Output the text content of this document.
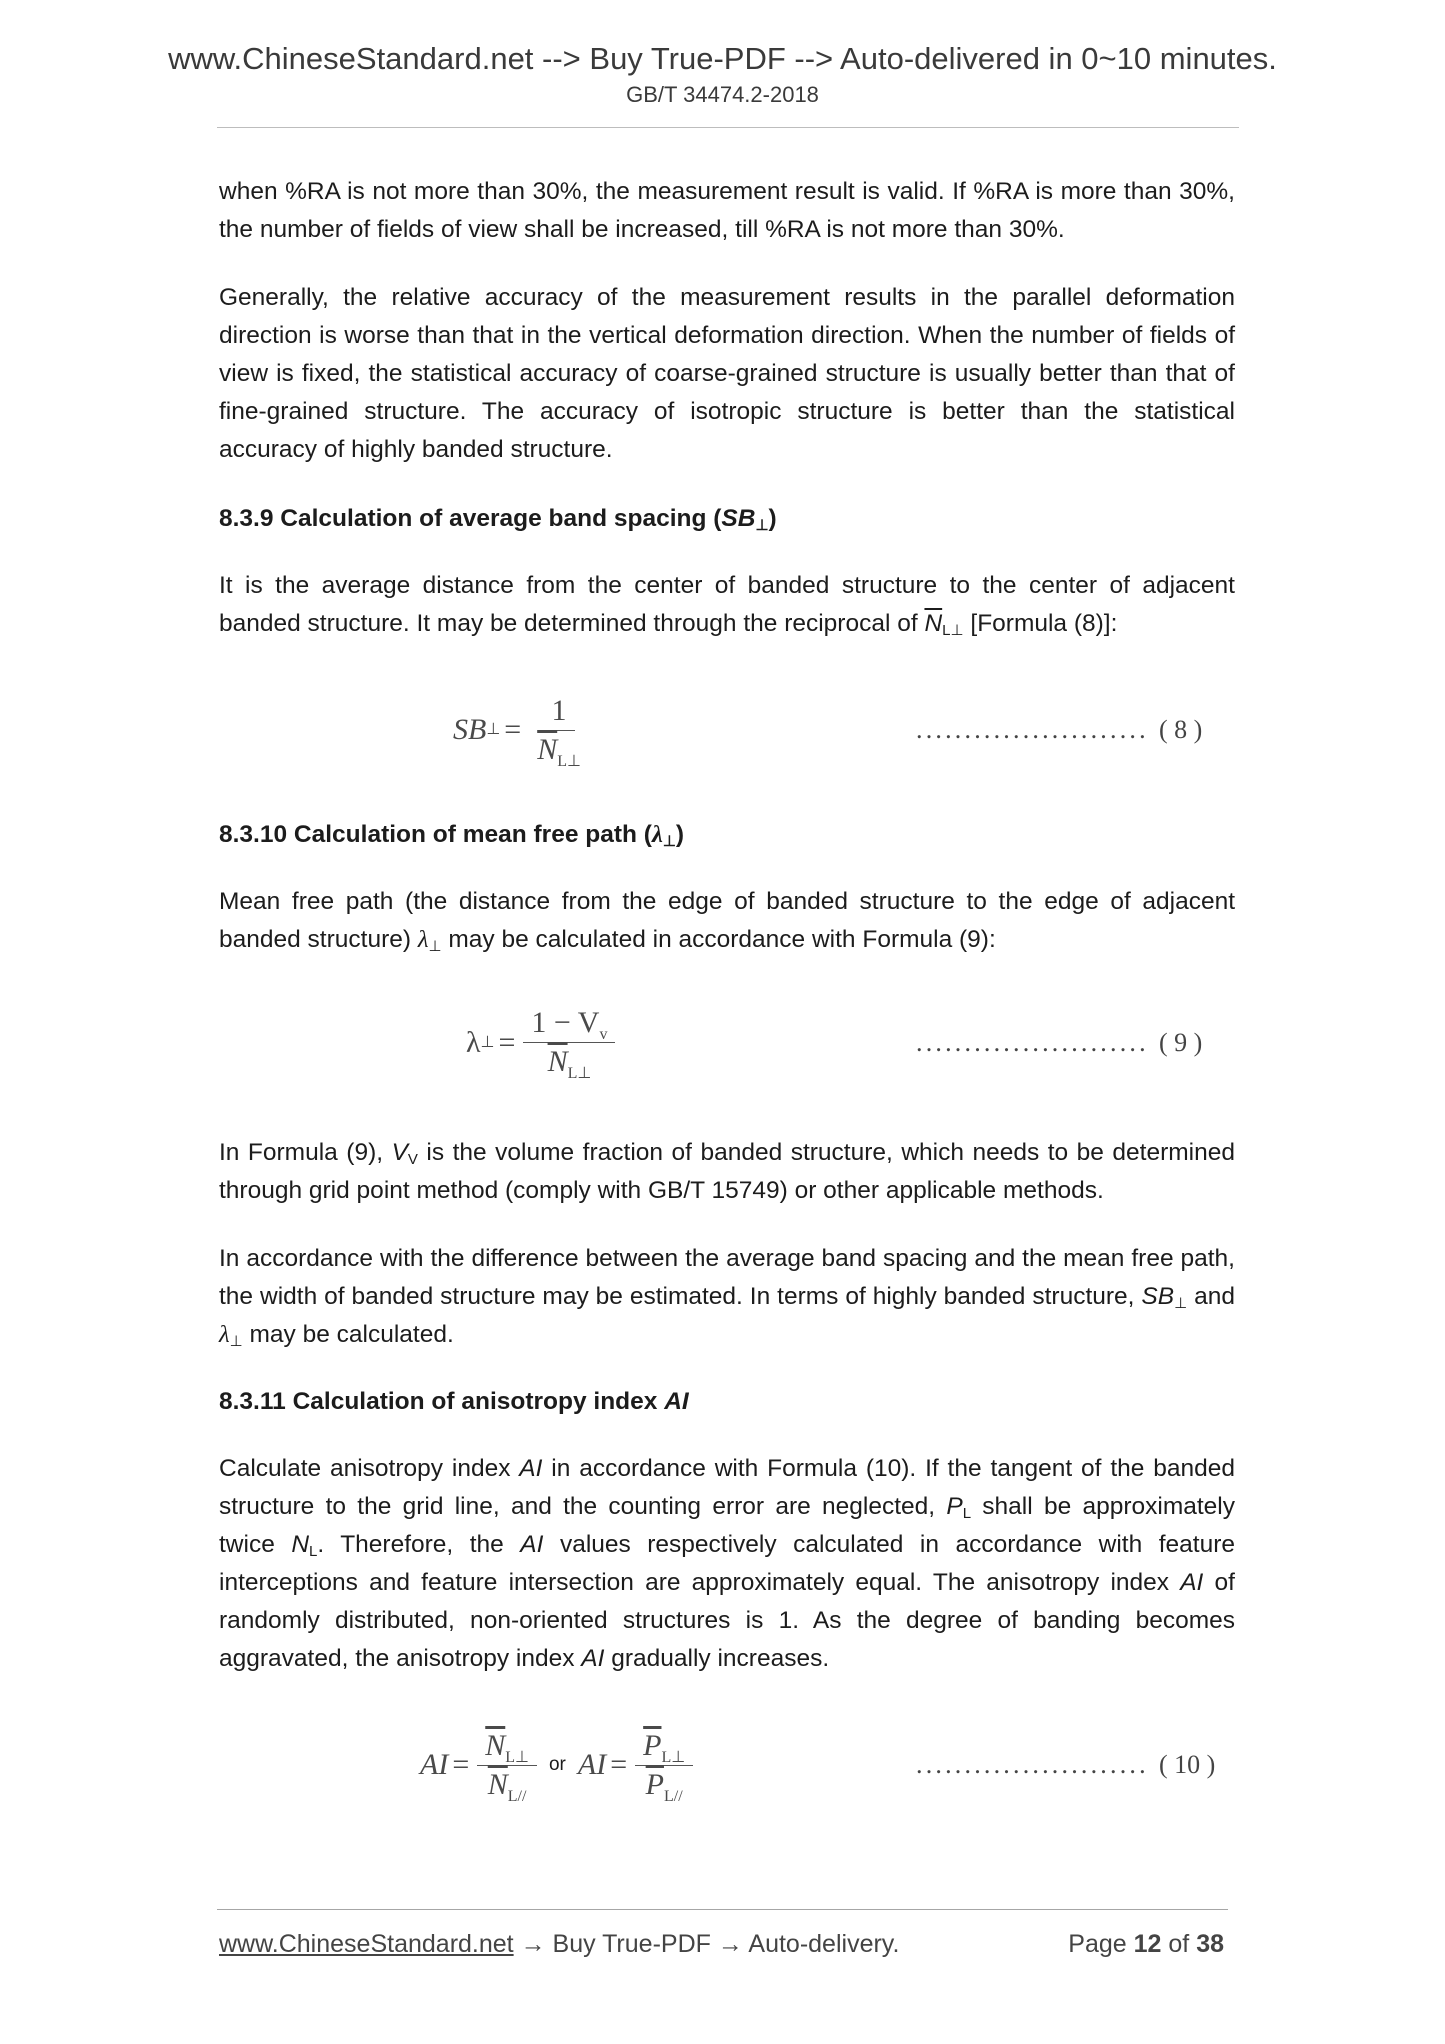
www.ChineseStandard.net --> Buy True-PDF --> Auto-delivered in 0~10 minutes.
GB/T 34474.2-2018

when %RA is not more than 30%, the measurement result is valid. If %RA is more than 30%, the number of fields of view shall be increased, till %RA is not more than 30%.

Generally, the relative accuracy of the measurement results in the parallel deformation direction is worse than that in the vertical deformation direction. When the number of fields of view is fixed, the statistical accuracy of coarse-grained structure is usually better than that of fine-grained structure. The accuracy of isotropic structure is better than the statistical accuracy of highly banded structure.

8.3.9 Calculation of average band spacing (SB⊥)

It is the average distance from the center of banded structure to the center of adjacent banded structure. It may be determined through the reciprocal of $\overline{N}L\perp$ [Formula (8)]:

SB ⊥ = $\frac{1}{\overline{N}_{L\perp}}$	........................ ( 8 )
8.3.10 Calculation of mean free path (λ⊥)

Mean free path (the distance from the edge of banded structure to the edge of adjacent banded structure) λ⊥ may be calculated in accordance with Formula (9):

λ ⊥ = $\frac{1 - V_v}{\overline{N}_{L\perp}}$	........................ ( 9 )

In Formula (9), VV is the volume fraction of banded structure, which needs to be determined through grid point method (comply with GB/T 15749) or other applicable methods.

In accordance with the difference between the average band spacing and the mean free path, the width of banded structure may be estimated. In terms of highly banded structure, SB⊥ and λ⊥ may be calculated.

8.3.11 Calculation of anisotropy index AI

Calculate anisotropy index AI in accordance with Formula (10). If the tangent of the banded structure to the grid line, and the counting error are neglected, PL shall be approximately twice NL. Therefore, the AI values respectively calculated in accordance with feature interceptions and feature intersection are approximately equal. The anisotropy index AI of randomly distributed, non-oriented structures is 1. As the degree of banding becomes aggravated, the anisotropy index AI gradually increases.

AI = $\frac{\overline{N}_{L\perp}}{\overline{N}_{L//}}$ or AI = $\frac{\overline{P}_{L\perp}}{\overline{P}_{L//}}$	........................ ( 10 )
www.ChineseStandard.net → Buy True-PDF → Auto-delivery.	Page 12 of 38
